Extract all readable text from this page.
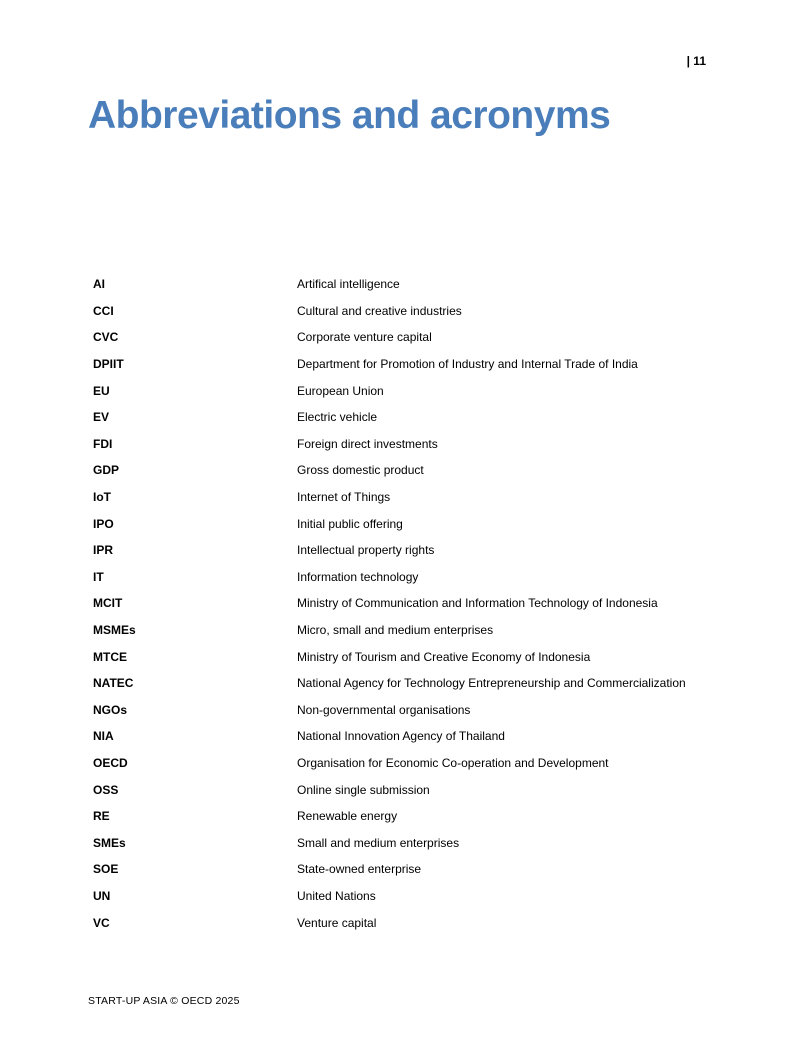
| 11
Abbreviations and acronyms
AI	Artifical intelligence
CCI	Cultural and creative industries
CVC	Corporate venture capital
DPIIT	Department for Promotion of Industry and Internal Trade of India
EU	European Union
EV	Electric vehicle
FDI	Foreign direct investments
GDP	Gross domestic product
IoT	Internet of Things
IPO	Initial public offering
IPR	Intellectual property rights
IT	Information technology
MCIT	Ministry of Communication and Information Technology of Indonesia
MSMEs	Micro, small and medium enterprises
MTCE	Ministry of Tourism and Creative Economy of Indonesia
NATEC	National Agency for Technology Entrepreneurship and Commercialization
NGOs	Non-governmental organisations
NIA	National Innovation Agency of Thailand
OECD	Organisation for Economic Co-operation and Development
OSS	Online single submission
RE	Renewable energy
SMEs	Small and medium enterprises
SOE	State-owned enterprise
UN	United Nations
VC	Venture capital
START-UP ASIA © OECD 2025
